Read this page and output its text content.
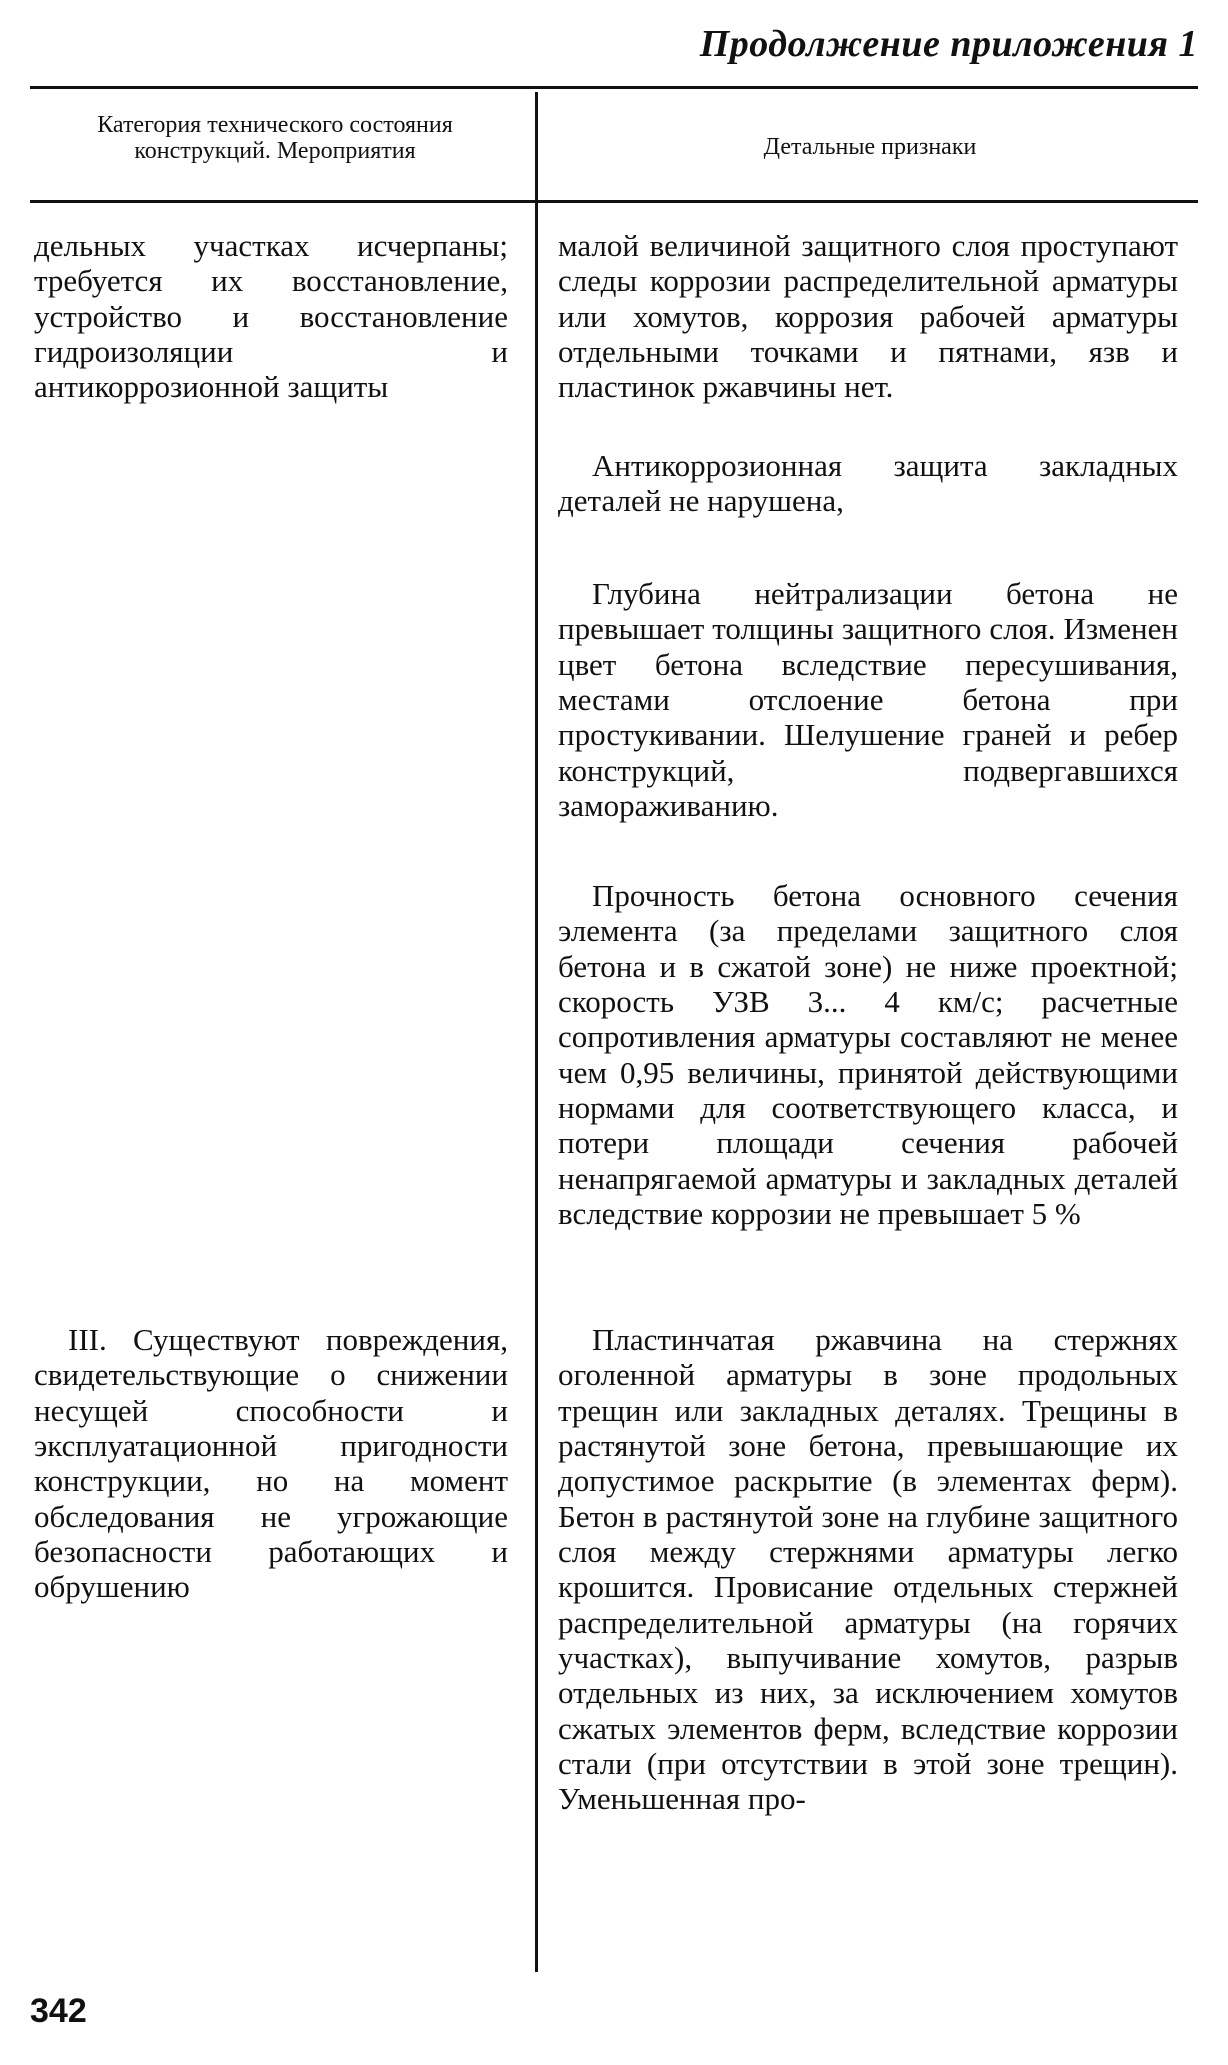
Продолжение приложения 1
Категория технического состояния конструкций. Мероприятия	Детальные признаки
дельных участках исчерпаны; требуется их восстановление, устройство и восстановление гидроизоляции и антикоррозионной защиты
III. Существуют повреждения, свидетельствующие о снижении несущей способности и эксплуатационной пригодности конструкции, но на момент обследования не угрожающие безопасности работающих и обрушению
малой величиной защитного слоя проступают следы коррозии распределительной арматуры или хомутов, коррозия рабочей арматуры отдельными точками и пятнами, язв и пластинок ржавчины нет.
Антикоррозионная защита закладных деталей не нарушена,
Глубина нейтрализации бетона не превышает толщины защитного слоя. Изменен цвет бетона вследствие пересушивания, местами отслоение бетона при простукивании. Шелушение граней и ребер конструкций, подвергавшихся замораживанию.
Прочность бетона основного сечения элемента (за пределами защитного слоя бетона и в сжатой зоне) не ниже проектной; скорость УЗВ 3... 4 км/с; расчетные сопротивления арматуры составляют не менее чем 0,95 величины, принятой действующими нормами для соответствующего класса, и потери площади сечения рабочей ненапрягаемой арматуры и закладных деталей вследствие коррозии не превышает 5 %
Пластинчатая ржавчина на стержнях оголенной арматуры в зоне продольных трещин или закладных деталях. Трещины в растянутой зоне бетона, превышающие их допустимое раскрытие (в элементах ферм). Бетон в растянутой зоне на глубине защитного слоя между стержнями арматуры легко крошится. Провисание отдельных стержней распределительной арматуры (на горячих участках), выпучивание хомутов, разрыв отдельных из них, за исключением хомутов сжатых элементов ферм, вследствие коррозии стали (при отсутствии в этой зоне трещин). Уменьшенная про-
342
